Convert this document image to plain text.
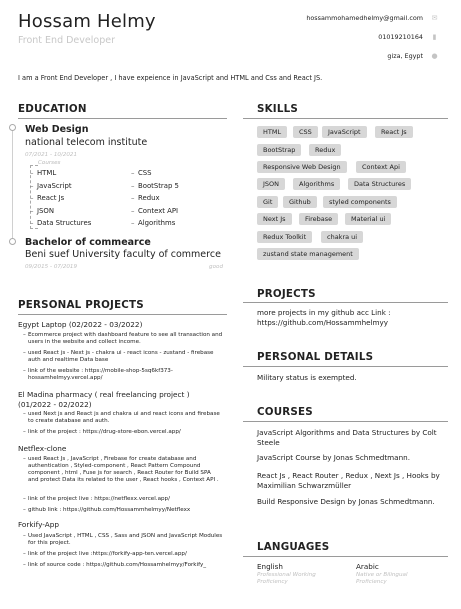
Hossam Helmy
Front End Developer
hossammohamedhelmy@gmail.com ✉
01019210164	▮
giza, Egypt ●
I am a Front End Developer , I have expeience in JavaScript and HTML and Css and React JS.
EDUCATION
Web Design
national telecom institute
07/2021 - 10/2021
Courses
– HTML
– JavaScript
– React Js
– JSON
– Data Structures
– CSS
– BootStrap 5
– Redux
– Context API
– Algorithms
Bachelor of commearce
Beni suef University faculty of commerce
09/2015 - 07/2019	good
PERSONAL PROJECTS
Egypt Laptop (02/2022 - 03/2022)
– Ecommerce project with dashboard feature to see all transaction and users in the website and collect income.
– used React js - Next js - chakra ui - react icons - zustand - firebase auth and realtime Data base
– link of the website : https://mobile-shop-5sq6kf373-hossamhelmyy.vercel.app/
El Madina pharmacy ( real freelancing project )
(01/2022 - 02/2022)
– used Next js and React js and chakra ui and react icons and firebase to create database and auth.
– link of the project : https://drug-store-ebon.vercel.app/
Netflex-clone
– used React Js , JavaScript , Firebase for create database and authentication , Styled-component , React Pattern Compound component , html , Fuse js for search , React Router for Build SPA and protect Data its related to the user , React hooks , Context API .
– link of the project live : https://netflexx.vercel.app/
– github link : https://github.com/Hossammhelmyy/Netflexx
Forkify-App
– Used JavaScript , HTML , CSS , Sass and JSON and JavaScript Modules for this project.
– link of the project live :https://forkify-app-ten.vercel.app/
– link of source code : https://github.com/Hossamhelmyy/Forkify_
SKILLS
HTML	CSS	JavaScript	React Js
BootStrap	Redux
Responsive Web Design	Context Api
JSON	Algorithms	Data Structures
Git	Github	styled components
Next Js	Firebase	Material ui
Redux Toolkit	chakra ui
zustand state management
PROJECTS
more projects in my github acc Link : https://github.com/Hossammhelmyy
PERSONAL DETAILS
Military status is exempted.
COURSES
JavaScript Algorithms and Data Structures by Colt Steele
JavaScript Course by Jonas Schmedtmann.
React Js , React Router , Redux , Next Js , Hooks by Maximilian Schwarzmüller
Build Responsive Design by Jonas Schmedtmann.
LANGUAGES
English
Professional Working Proficiency
Arabic
Native or Bilingual Proficiency
